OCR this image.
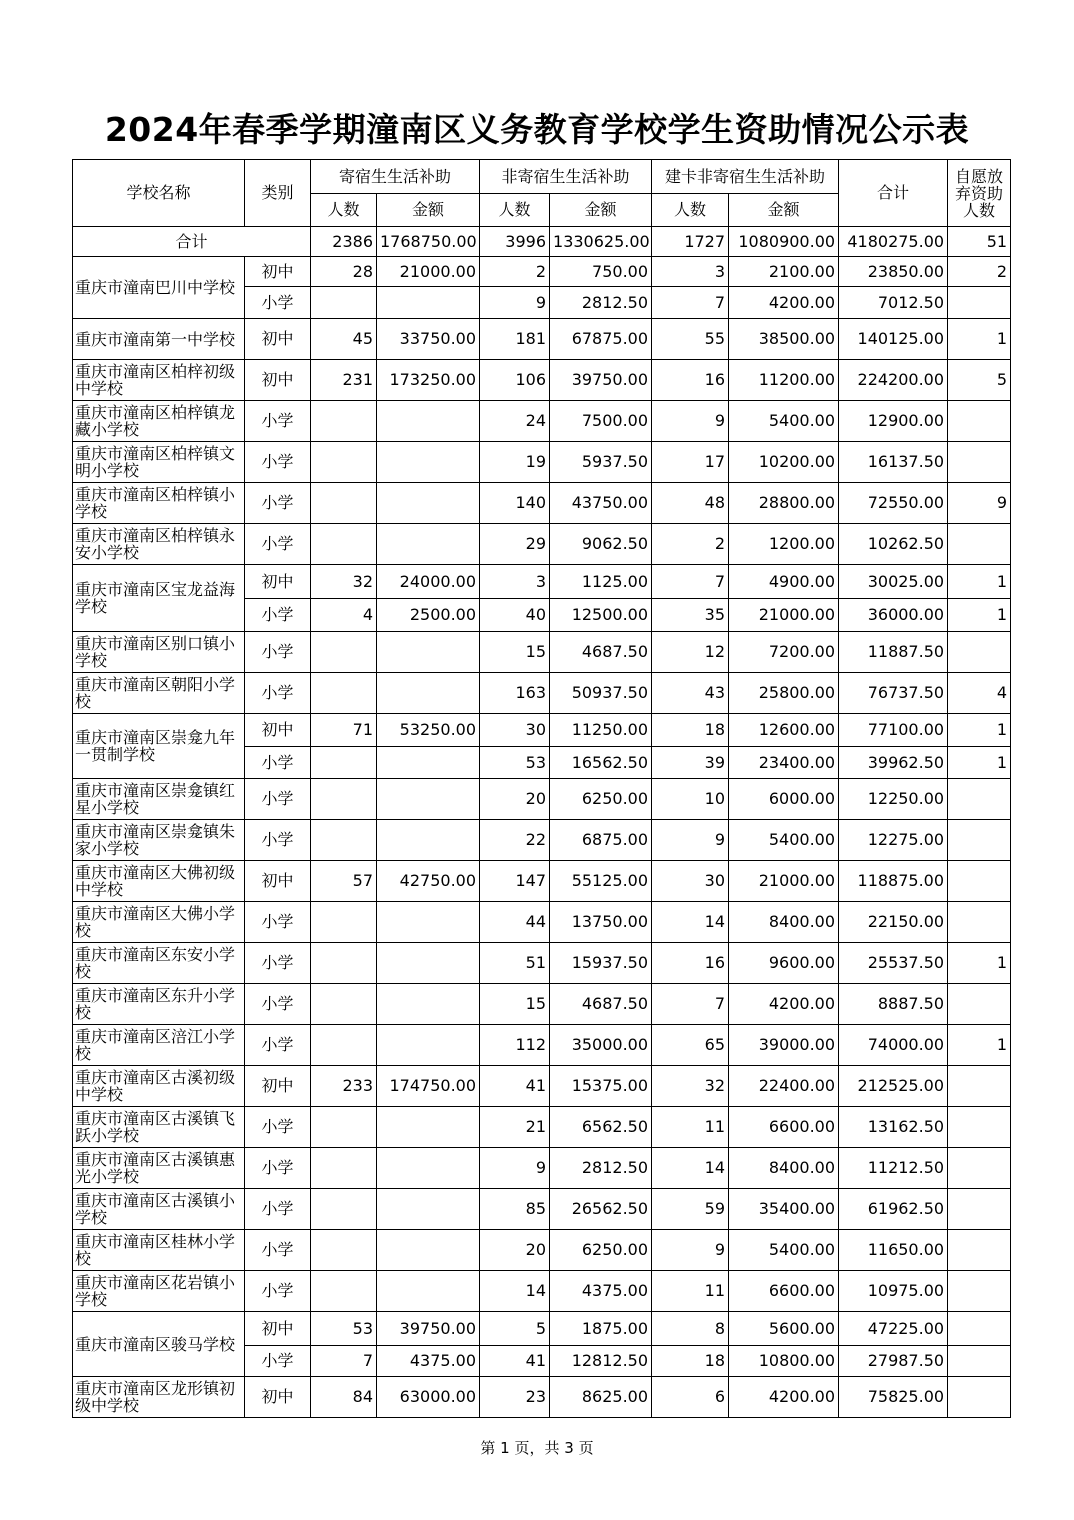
2024年春季学期潼南区义务教育学校学生资助情况公示表
学校名称	类别	寄宿生生活补助		非寄宿生生活补助		建卡非寄宿生生活补助		合计	自愿放弃资助人数
		人数	金额	人数	金额	人数	金额		
合计		2386	1768750.00	3996	1330625.00	1727	1080900.00	4180275.00	51
重庆市潼南巴川中学校	初中	28	21000.00	2	750.00	3	2100.00	23850.00	2
	小学			9	2812.50	7	4200.00	7012.50	
重庆市潼南第一中学校	初中	45	33750.00	181	67875.00	55	38500.00	140125.00	1
重庆市潼南区柏梓初级中学校	初中	231	173250.00	106	39750.00	16	11200.00	224200.00	5
重庆市潼南区柏梓镇龙藏小学校	小学			24	7500.00	9	5400.00	12900.00	
重庆市潼南区柏梓镇文明小学校	小学			19	5937.50	17	10200.00	16137.50	
重庆市潼南区柏梓镇小学校	小学			140	43750.00	48	28800.00	72550.00	9
重庆市潼南区柏梓镇永安小学校	小学			29	9062.50	2	1200.00	10262.50	
重庆市潼南区宝龙益海学校	初中	32	24000.00	3	1125.00	7	4900.00	30025.00	1
	小学	4	2500.00	40	12500.00	35	21000.00	36000.00	1
重庆市潼南区别口镇小学校	小学			15	4687.50	12	7200.00	11887.50	
重庆市潼南区朝阳小学校	小学			163	50937.50	43	25800.00	76737.50	4
重庆市潼南区崇龛九年一贯制学校	初中	71	53250.00	30	11250.00	18	12600.00	77100.00	1
	小学			53	16562.50	39	23400.00	39962.50	1
重庆市潼南区崇龛镇红星小学校	小学			20	6250.00	10	6000.00	12250.00	
重庆市潼南区崇龛镇朱家小学校	小学			22	6875.00	9	5400.00	12275.00	
重庆市潼南区大佛初级中学校	初中	57	42750.00	147	55125.00	30	21000.00	118875.00	
重庆市潼南区大佛小学校	小学			44	13750.00	14	8400.00	22150.00	
重庆市潼南区东安小学校	小学			51	15937.50	16	9600.00	25537.50	1
重庆市潼南区东升小学校	小学			15	4687.50	7	4200.00	8887.50	
重庆市潼南区涪江小学校	小学			112	35000.00	65	39000.00	74000.00	1
重庆市潼南区古溪初级中学校	初中	233	174750.00	41	15375.00	32	22400.00	212525.00	
重庆市潼南区古溪镇飞跃小学校	小学			21	6562.50	11	6600.00	13162.50	
重庆市潼南区古溪镇惠光小学校	小学			9	2812.50	14	8400.00	11212.50	
重庆市潼南区古溪镇小学校	小学			85	26562.50	59	35400.00	61962.50	
重庆市潼南区桂林小学校	小学			20	6250.00	9	5400.00	11650.00	
重庆市潼南区花岩镇小学校	小学			14	4375.00	11	6600.00	10975.00	
重庆市潼南区骏马学校	初中	53	39750.00	5	1875.00	8	5600.00	47225.00	
	小学	7	4375.00	41	12812.50	18	10800.00	27987.50	
重庆市潼南区龙形镇初级中学校	初中	84	63000.00	23	8625.00	6	4200.00	75825.00	
第 1 页，共 3 页
